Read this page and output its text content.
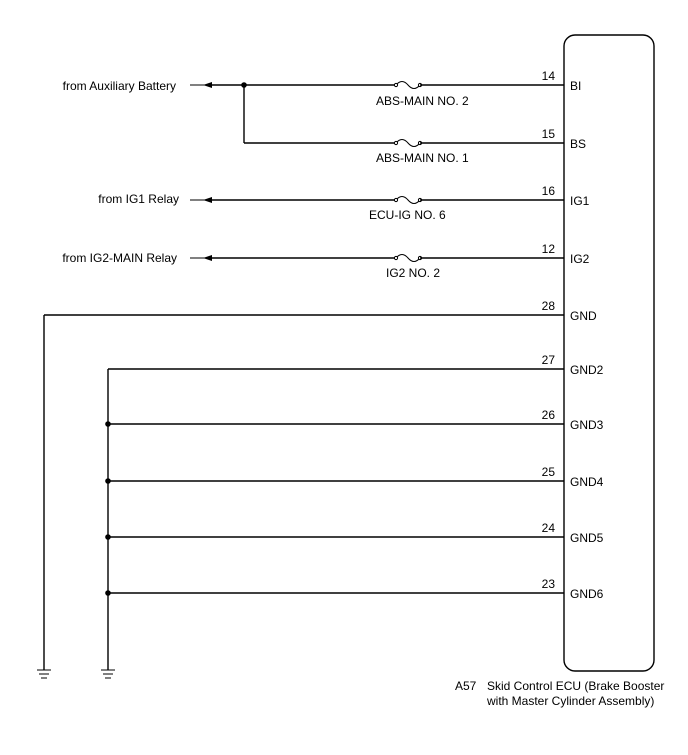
A57 Skid Control ECU (Brake Booster
with Master Cylinder Assembly)
from Auxiliary Battery
from IG1 Relay
from IG2-MAIN Relay
ABS-MAIN NO. 2
ABS-MAIN NO. 1
ECU-IG NO. 6
IG2 NO. 2
14
15
16
12
28
27
26
25
24
23
BI
BS
IG1
IG2
GND
GND2
GND3
GND4
GND5
GND6
